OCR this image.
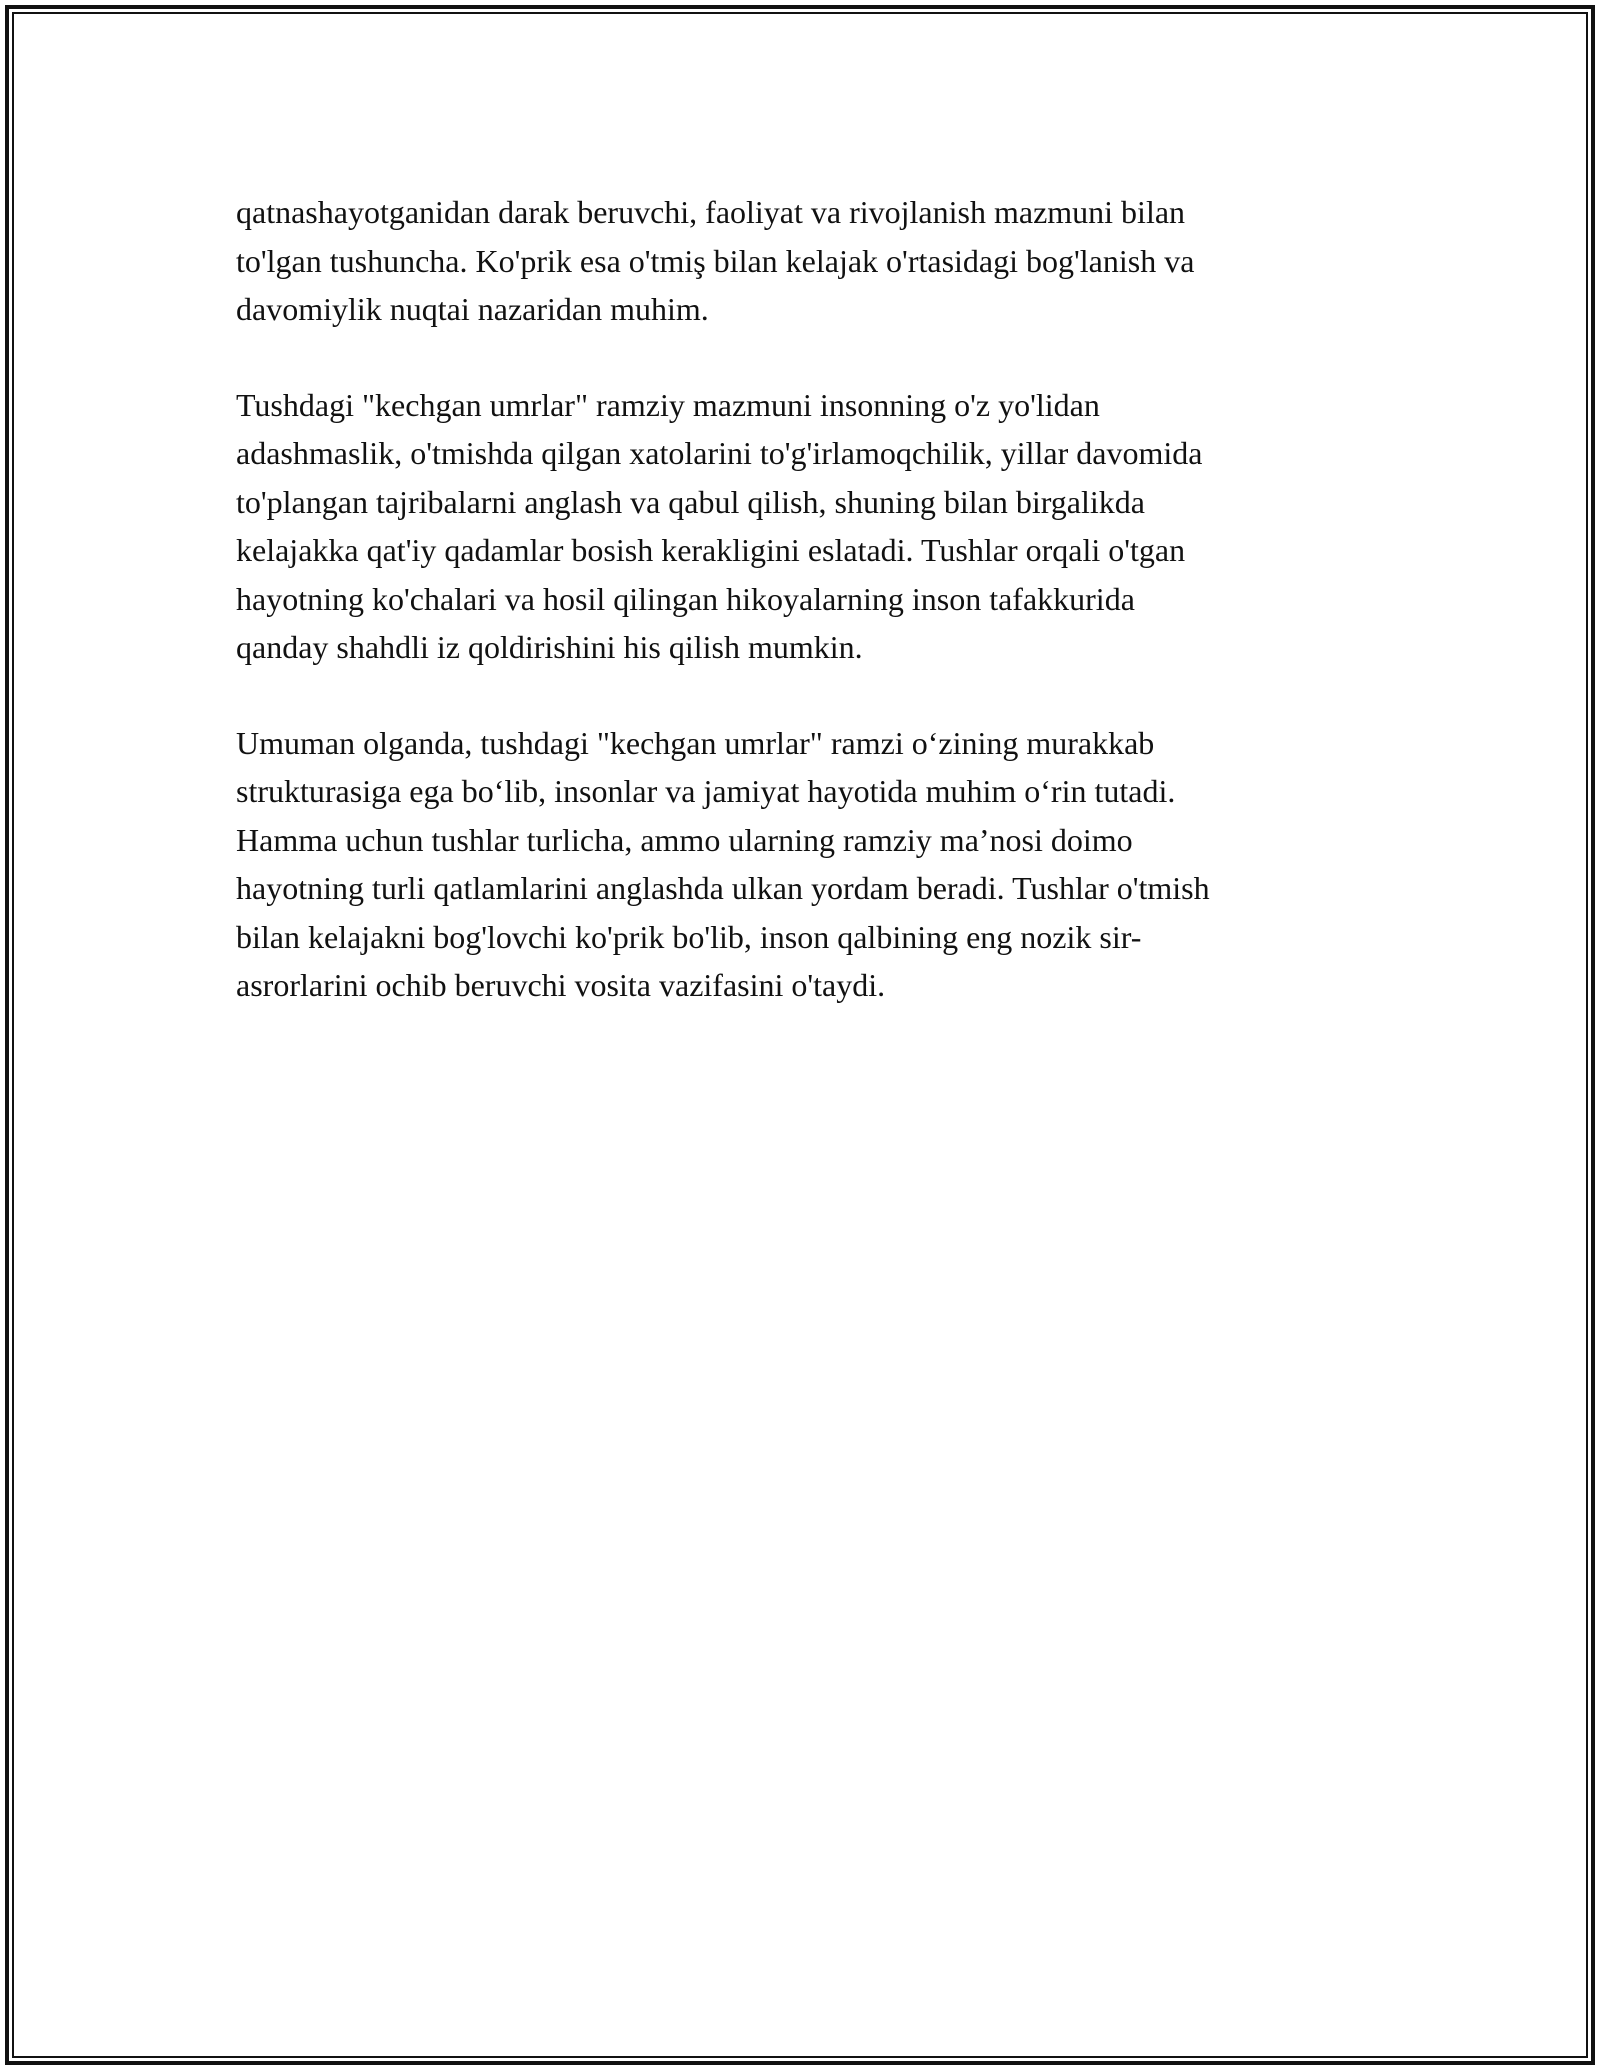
qatnashayotganidan darak beruvchi, faoliyat va rivojlanish mazmuni bilan
to'lgan tushuncha. Ko'prik esa o'tmiş bilan kelajak o'rtasidagi bog'lanish va
davomiylik nuqtai nazaridan muhim.

Tushdagi "kechgan umrlar" ramziy mazmuni insonning o'z yo'lidan
adashmaslik, o'tmishda qilgan xatolarini to'g'irlamoqchilik, yillar davomida
to'plangan tajribalarni anglash va qabul qilish, shuning bilan birgalikda
kelajakka qat'iy qadamlar bosish kerakligini eslatadi. Tushlar orqali o'tgan
hayotning ko'chalari va hosil qilingan hikoyalarning inson tafakkurida
qanday shahdli iz qoldirishini his qilish mumkin.

Umuman olganda, tushdagi "kechgan umrlar" ramzi o‘zining murakkab
strukturasiga ega bo‘lib, insonlar va jamiyat hayotida muhim o‘rin tutadi.
Hamma uchun tushlar turlicha, ammo ularning ramziy ma’nosi doimo
hayotning turli qatlamlarini anglashda ulkan yordam beradi. Tushlar o'tmish
bilan kelajakni bog'lovchi ko'prik bo'lib, inson qalbining eng nozik sir-
asrorlarini ochib beruvchi vosita vazifasini o'taydi.
